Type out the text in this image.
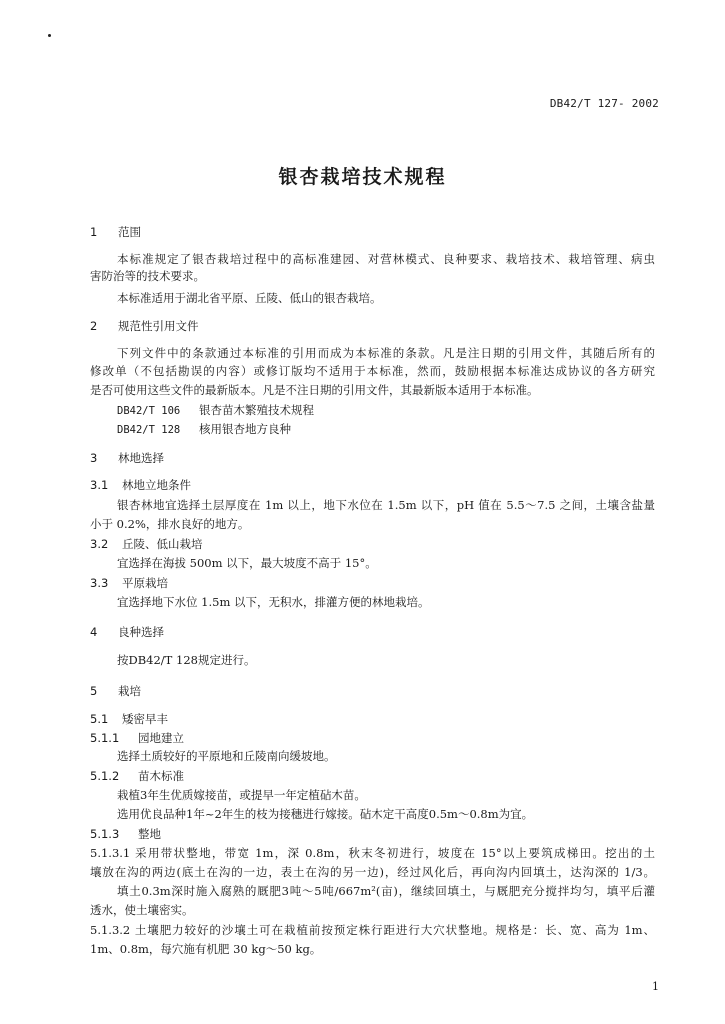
DB42/T 127- 2002
银杏栽培技术规程
1 范围
本标准规定了银杏栽培过程中的高标准建园、对营林模式、良种要求、栽培技术、栽培管理、病虫
害防治等的技术要求。
本标准适用于湖北省平原、丘陵、低山的银杏栽培。
2 规范性引用文件
下列文件中的条款通过本标准的引用而成为本标准的条款。凡是注日期的引用文件，其随后所有的
修改单（不包括勘误的内容）或修订版均不适用于本标准，然而，鼓励根据本标准达成协议的各方研究
是否可使用这些文件的最新版本。凡是不注日期的引用文件，其最新版本适用于本标准。
DB42/T 106 银杏苗木繁殖技术规程
DB42/T 128 核用银杏地方良种
3 林地选择
3.1 林地立地条件
银杏林地宜选择土层厚度在 1m 以上，地下水位在 1.5m 以下，pH 值在 5.5～7.5 之间，土壤含盐量
小于 0.2%，排水良好的地方。
3.2 丘陵、低山栽培
宜选择在海拔 500m 以下，最大坡度不高于 15°。
3.3 平原栽培
宜选择地下水位 1.5m 以下，无积水，排灌方便的林地栽培。
4 良种选择
按DB42/T 128规定进行。
5 栽培
5.1 矮密早丰
5.1.1 园地建立
选择土质较好的平原地和丘陵南向缓坡地。
5.1.2 苗木标准
栽植3年生优质嫁接苗，或提早一年定植砧木苗。
选用优良品种1年~2年生的枝为接穗进行嫁接。砧木定干高度0.5m～0.8m为宜。
5.1.3 整地
5.1.3.1 采用带状整地，带宽 1m，深 0.8m，秋末冬初进行，坡度在 15°以上要筑成梯田。挖出的土
壤放在沟的两边(底土在沟的一边，表土在沟的另一边)，经过风化后，再向沟内回填土，达沟深的 1/3。
填土0.3m深时施入腐熟的厩肥3吨～5吨/667m²(亩)，继续回填土，与厩肥充分搅拌均匀，填平后灌
透水，使土壤密实。
5.1.3.2 土壤肥力较好的沙壤土可在栽植前按预定株行距进行大穴状整地。规格是：长、宽、高为 1m、
1m、0.8m，每穴施有机肥 30 kg～50 kg。
1
